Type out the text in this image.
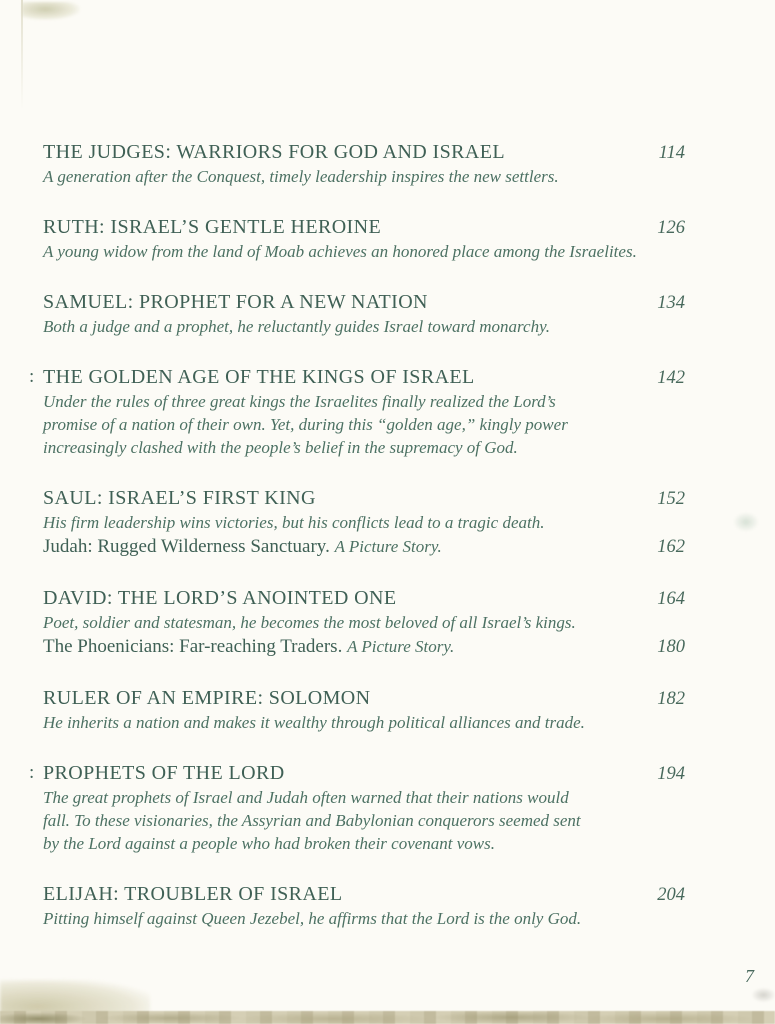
THE JUDGES: WARRIORS FOR GOD AND ISRAEL	114

A generation after the Conquest, timely leadership inspires the new settlers.

RUTH: ISRAEL’S GENTLE HEROINE	126

A young widow from the land of Moab achieves an honored place among the Israelites.

SAMUEL: PROPHET FOR A NEW NATION	134

Both a judge and a prophet, he reluctantly guides Israel toward monarchy.

: THE GOLDEN AGE OF THE KINGS OF ISRAEL	142

Under the rules of three great kings the Israelites finally realized the Lord’s
promise of a nation of their own. Yet, during this “golden age,” kingly power
increasingly clashed with the people’s belief in the supremacy of God.

SAUL: ISRAEL’S FIRST KING	152

His firm leadership wins victories, but his conflicts lead to a tragic death.

Judah: Rugged Wilderness Sanctuary. A Picture Story.	162
DAVID: THE LORD’S ANOINTED ONE	164

Poet, soldier and statesman, he becomes the most beloved of all Israel’s kings.

The Phoenicians: Far-reaching Traders. A Picture Story.	180
RULER OF AN EMPIRE: SOLOMON	182

He inherits a nation and makes it wealthy through political alliances and trade.

: PROPHETS OF THE LORD	194

The great prophets of Israel and Judah often warned that their nations would
fall. To these visionaries, the Assyrian and Babylonian conquerors seemed sent
by the Lord against a people who had broken their covenant vows.

ELIJAH: TROUBLER OF ISRAEL	204

Pitting himself against Queen Jezebel, he affirms that the Lord is the only God.

7
